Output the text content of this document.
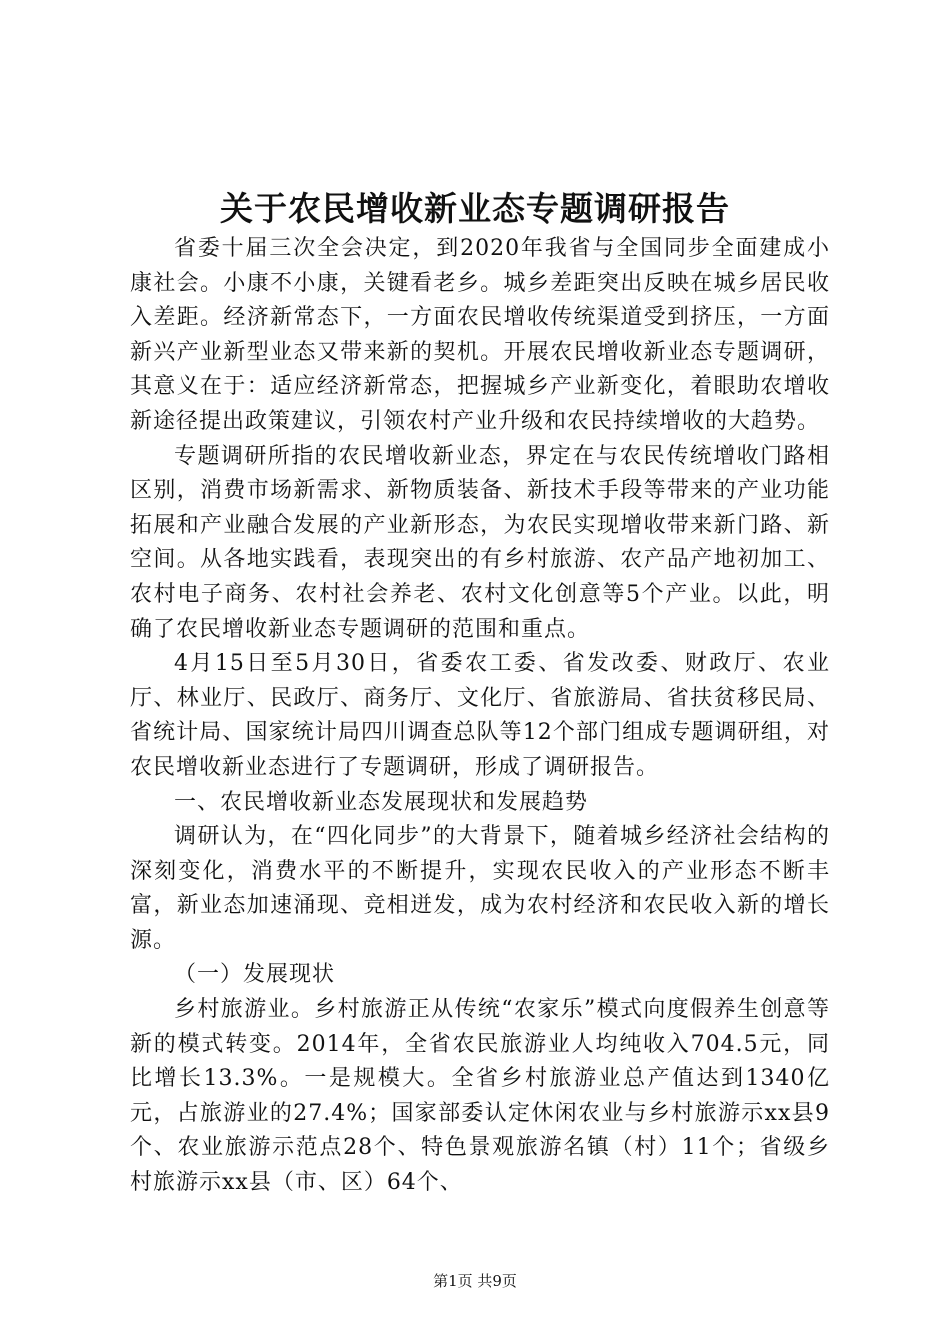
关于农民增收新业态专题调研报告

省委十届三次全会决定，到2020年我省与全国同步全面建成小康社会。小康不小康，关键看老乡。城乡差距突出反映在城乡居民收入差距。经济新常态下，一方面农民增收传统渠道受到挤压，一方面新兴产业新型业态又带来新的契机。开展农民增收新业态专题调研，其意义在于：适应经济新常态，把握城乡产业新变化，着眼助农增收新途径提出政策建议，引领农村产业升级和农民持续增收的大趋势。

专题调研所指的农民增收新业态，界定在与农民传统增收门路相区别，消费市场新需求、新物质装备、新技术手段等带来的产业功能拓展和产业融合发展的产业新形态，为农民实现增收带来新门路、新空间。从各地实践看，表现突出的有乡村旅游、农产品产地初加工、农村电子商务、农村社会养老、农村文化创意等5个产业。以此，明确了农民增收新业态专题调研的范围和重点。

4月15日至5月30日，省委农工委、省发改委、财政厅、农业厅、林业厅、民政厅、商务厅、文化厅、省旅游局、省扶贫移民局、省统计局、国家统计局四川调查总队等12个部门组成专题调研组，对农民增收新业态进行了专题调研，形成了调研报告。

一、农民增收新业态发展现状和发展趋势

调研认为，在“四化同步”的大背景下，随着城乡经济社会结构的深刻变化，消费水平的不断提升，实现农民收入的产业形态不断丰富，新业态加速涌现、竞相迸发，成为农村经济和农民收入新的增长源。

（一）发展现状

乡村旅游业。乡村旅游正从传统“农家乐”模式向度假养生创意等新的模式转变。2014年，全省农民旅游业人均纯收入704.5元，同比增长13.3%。一是规模大。全省乡村旅游业总产值达到1340亿元，占旅游业的27.4%；国家部委认定休闲农业与乡村旅游示xx县9个、农业旅游示范点28个、特色景观旅游名镇（村）11个；省级乡村旅游示xx县（市、区）64个、

第1页 共9页
